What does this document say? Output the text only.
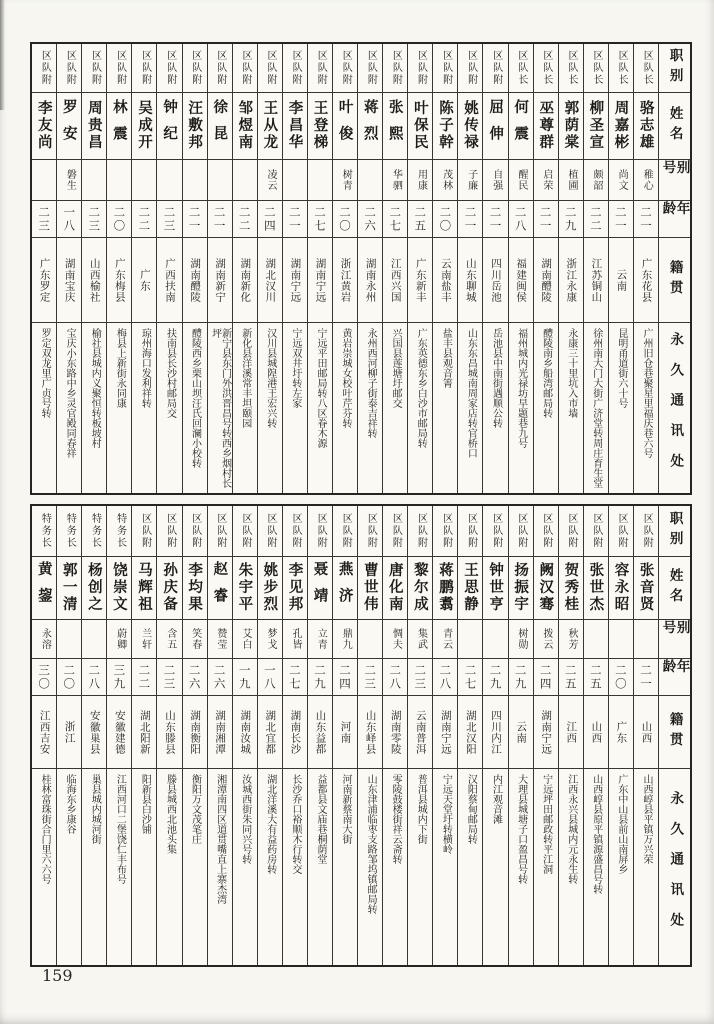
职别
姓名
别号
年龄
籍贯
永久通讯处
区队长
骆志雄
稚心
二一
广东花县
广州旧仓巷聚星里福庆巷六号
区队长
周嘉彬
尚文
二一
云南
昆明甬道街六十号
区队长
柳圣宣
颇韶
二二
江苏铜山
徐州南大门大街广济堂转周庄育生堂
区队长
郭荫棠
植圃
二九
浙江永康
永康三十里坑入市墙
区队长
巫尊群
启荣
二一
湖南醴陵
醴陵南乡船湾邮局转
区队长
何震
醒民
二八
福建闽侯
福州城内光禄坊早题巷九号
区队附
屈伸
自强
二一
四川岳池
岳池县中南街遇顺公转
区队附
姚传禄
子廉
二一
山东聊城
山东东昌城南周家店转官桥口
区队附
陈子幹
茂林
二〇
云南盐丰
盐丰县观音箐
区队附
叶保民
用康
二五
广东新丰
广东英德东乡白沙市邮局转
区队附
张熙
华驷
二七
江西兴国
兴国县莲塘圩邮交
区队附
蒋烈
二六
湖南永州
永州西河柳子街泰吉祥转
区队附
叶俊
树青
二〇
浙江黄岩
黄岩崇城女校叶芹芬转
区队附
王登梯
二七
湖南宁远
宁远平田邮局转八区眷木源
区队附
李昌华
二一
湖南宁远
宁远双井圩转左家
区队附
王从龙
凌云
二四
湖北汉川
汉川县城隍港王宏兴转
区队附
邹煜南
二二
湖南新化
新化县洋溪常丰坦颐园
区队附
徐昆
二一
湖南新宁
新宁县东门外洪晋昌号转西乡烟村长坪
区队附
汪敷邦
二一
湖南醴陵
醴陵西乡栗山坝汪氏回澜小校转
区队附
钟纪
二三
广西扶南
扶南县长沙村邮局交
区队附
吴成开
二二
广东
琼州海口发利祥转
区队附
林震
二〇
广东梅县
梅县上新街永同康
区队附
周贵昌
二三
山西榆社
榆社县城内义聚恒转板坡村
区队附
罗安
磐生
一八
湖南宝庆
宝庆小东路中乡灵官殿同春祥
区队附
李友尚
二三
广东罗定
罗定双龙里广贞号转
职别
姓名
别号
年龄
籍贯
永久通讯处
区队附
张音贤
二一
山西
山西崞县平镇万兴荣
区队附
容永昭
二〇
广东
广东中山县前山南屏乡
区队附
张世杰
二五
山西
山西崞县原平镇源盛昌号转
区队附
贺秀桂
秋芳
二五
江西
江西永兴县城内元永生转
区队附
阙汉骞
拨云
二四
湖南宁远
宁远坪田邮政转平江洞
区队附
扬振宇
树勋
二九
云南
大理县城塘子口盈昌号转
区队附
钟世亨
二九
四川内江
内江观音滩
区队附
王思静
二七
湖北汉阳
汉阳蔡甸邮局转
区队附
蒋鹏翥
青云
二八
湖南宁远
宁远天堂圩转横岭
区队附
黎尔成
集武
二三
云南普洱
普洱县城内下街
区队附
唐化南
惆夫
二八
湖南零陵
零陵鼓楼街祥云斋转
区队附
曹世伟
二三
山东峄县
山东津浦临枣支路邹坞镇邮局转
区队附
燕济
鼎九
二四
河南
河南新蔡南大街
区队附
聂靖
立青
二九
山东益都
益都县文庙巷桐荫堂
区队附
李见邦
孔皆
二七
湖南长沙
长沙乔口裕顺木行转交
区队附
姚步烈
梦戈
一八
湖北宜都
湖北洋溪大有益药房转
区队附
朱宇平
艾白
一九
湖南汝城
汝城西街朱同兴号转
区队附
赵睿
赞莹
二六
湖南湘潭
湘潭南四区道贯嘴直上寨杰湾
区队附
李均果
笑春
二六
湖南衡阳
衡阳万文茂笔庄
区队附
孙庆备
含五
二三
山东滕县
滕县城西北池头集
区队附
马辉祖
兰轩
二二
湖北阳新
阳新县白沙铺
特务长
饶崇文
蔚卿
三九
安徽建德
江西河口二堡饶仁丰布号
特务长
杨创之
二八
安徽巢县
巢县城内城河街
特务长
郭一清
二〇
浙江
临海东乡康谷
特务长
黄鋆
永溶
三〇
江西吉安
桂林富珠街合门里六六号
159
